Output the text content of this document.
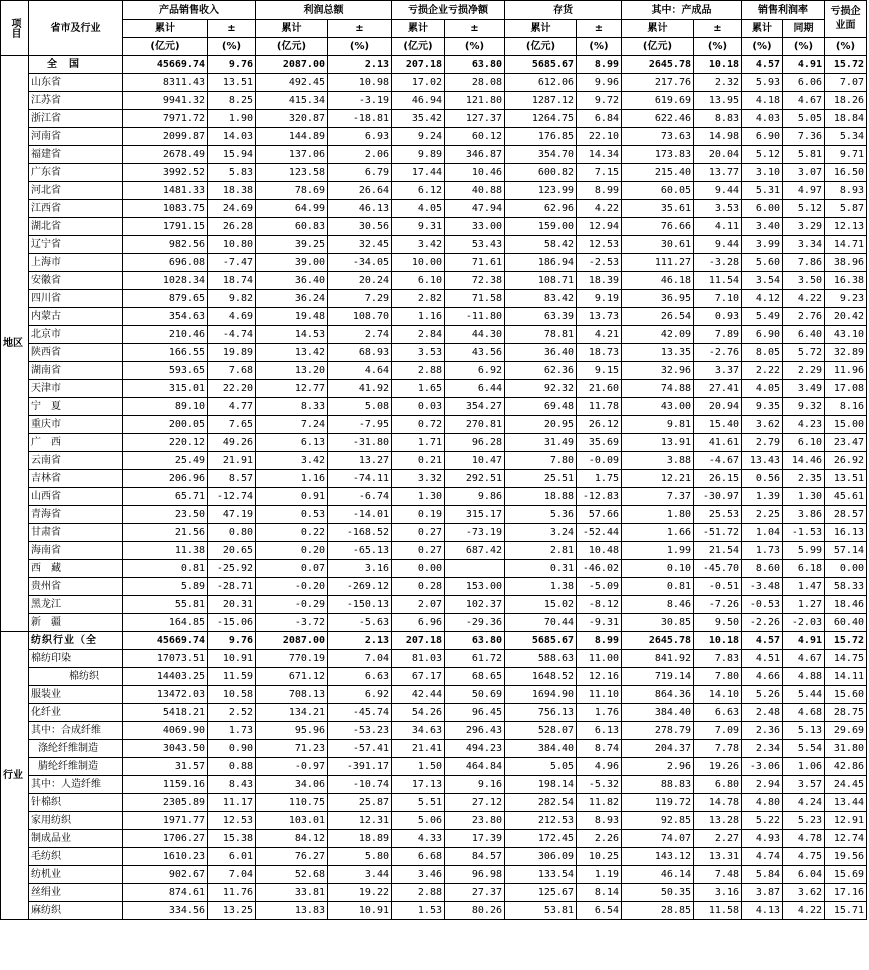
项目	省市及行业	产品销售收入		利润总额		亏损企业亏损净额		存货		其中：产成品		销售利润率		亏损企业面
		累计	±	累计	±	累计	±	累计	±	累计	±	累计	同期	
		(亿元)	(%)	(亿元)	(%)	(亿元)	(%)	(亿元)	(%)	(亿元)	(%)	(%)	(%)	(%)
地区	全　国	45669.74	9.76	2087.00	2.13	207.18	63.80	5685.67	8.99	2645.78	10.18	4.57	4.91	15.72
	山东省	8311.43	13.51	492.45	10.98	17.02	28.08	612.06	9.96	217.76	2.32	5.93	6.06	7.07
	江苏省	9941.32	8.25	415.34	-3.19	46.94	121.80	1287.12	9.72	619.69	13.95	4.18	4.67	18.26
	浙江省	7971.72	1.90	320.87	-18.81	35.42	127.37	1264.75	6.84	622.46	8.83	4.03	5.05	18.84
	河南省	2099.87	14.03	144.89	6.93	9.24	60.12	176.85	22.10	73.63	14.98	6.90	7.36	5.34
	福建省	2678.49	15.94	137.06	2.06	9.89	346.87	354.70	14.34	173.83	20.04	5.12	5.81	9.71
	广东省	3992.52	5.83	123.58	6.79	17.44	10.46	600.82	7.15	215.40	13.77	3.10	3.07	16.50
	河北省	1481.33	18.38	78.69	26.64	6.12	40.88	123.99	8.99	60.05	9.44	5.31	4.97	8.93
	江西省	1083.75	24.69	64.99	46.13	4.05	47.94	62.96	4.22	35.61	3.53	6.00	5.12	5.87
	湖北省	1791.15	26.28	60.83	30.56	9.31	33.00	159.00	12.94	76.66	4.11	3.40	3.29	12.13
	辽宁省	982.56	10.80	39.25	32.45	3.42	53.43	58.42	12.53	30.61	9.44	3.99	3.34	14.71
	上海市	696.08	-7.47	39.00	-34.05	10.00	71.61	186.94	-2.53	111.27	-3.28	5.60	7.86	38.96
	安徽省	1028.34	18.74	36.40	20.24	6.10	72.38	108.71	18.39	46.18	11.54	3.54	3.50	16.38
	四川省	879.65	9.82	36.24	7.29	2.82	71.58	83.42	9.19	36.95	7.10	4.12	4.22	9.23
	内蒙古	354.63	4.69	19.48	108.70	1.16	-11.80	63.39	13.73	26.54	0.93	5.49	2.76	20.42
	北京市	210.46	-4.74	14.53	2.74	2.84	44.30	78.81	4.21	42.09	7.89	6.90	6.40	43.10
	陕西省	166.55	19.89	13.42	68.93	3.53	43.56	36.40	18.73	13.35	-2.76	8.05	5.72	32.89
	湖南省	593.65	7.68	13.20	4.64	2.88	6.92	62.36	9.15	32.96	3.37	2.22	2.29	11.96
	天津市	315.01	22.20	12.77	41.92	1.65	6.44	92.32	21.60	74.88	27.41	4.05	3.49	17.08
	宁　夏	89.10	4.77	8.33	5.08	0.03	354.27	69.48	11.78	43.00	20.94	9.35	9.32	8.16
	重庆市	200.05	7.65	7.24	-7.95	0.72	270.81	20.95	26.12	9.81	15.40	3.62	4.23	15.00
	广　西	220.12	49.26	6.13	-31.80	1.71	96.28	31.49	35.69	13.91	41.61	2.79	6.10	23.47
	云南省	25.49	21.91	3.42	13.27	0.21	10.47	7.80	-0.09	3.88	-4.67	13.43	14.46	26.92
	吉林省	206.96	8.57	1.16	-74.11	3.32	292.51	25.51	1.75	12.21	26.15	0.56	2.35	13.51
	山西省	65.71	-12.74	0.91	-6.74	1.30	9.86	18.88	-12.83	7.37	-30.97	1.39	1.30	45.61
	青海省	23.50	47.19	0.53	-14.01	0.19	315.17	5.36	57.66	1.80	25.53	2.25	3.86	28.57
	甘肃省	21.56	0.80	0.22	-168.52	0.27	-73.19	3.24	-52.44	1.66	-51.72	1.04	-1.53	16.13
	海南省	11.38	20.65	0.20	-65.13	0.27	687.42	2.81	10.48	1.99	21.54	1.73	5.99	57.14
	西　藏	0.81	-25.92	0.07	3.16	0.00		0.31	-46.02	0.10	-45.70	8.60	6.18	0.00
	贵州省	5.89	-28.71	-0.20	-269.12	0.28	153.00	1.38	-5.09	0.81	-0.51	-3.48	1.47	58.33
	黑龙江	55.81	20.31	-0.29	-150.13	2.07	102.37	15.02	-8.12	8.46	-7.26	-0.53	1.27	18.46
	新　疆	164.85	-15.06	-3.72	-5.63	6.96	-29.36	70.44	-9.31	30.85	9.50	-2.26	-2.03	60.40
行业	纺织行业（全	45669.74	9.76	2087.00	2.13	207.18	63.80	5685.67	8.99	2645.78	10.18	4.57	4.91	15.72
	棉纺印染	17073.51	10.91	770.19	7.04	81.03	61.72	588.63	11.00	841.92	7.83	4.51	4.67	14.75
	棉纺织	14403.25	11.59	671.12	6.63	67.17	68.65	1648.52	12.16	719.14	7.80	4.66	4.88	14.11
	服装业	13472.03	10.58	708.13	6.92	42.44	50.69	1694.90	11.10	864.36	14.10	5.26	5.44	15.60
	化纤业	5418.21	2.52	134.21	-45.74	54.26	96.45	756.13	1.76	384.40	6.63	2.48	4.68	28.75
	其中：合成纤维	4069.90	1.73	95.96	-53.23	34.63	296.43	528.07	6.13	278.79	7.09	2.36	5.13	29.69
	涤纶纤维制造	3043.50	0.90	71.23	-57.41	21.41	494.23	384.40	8.74	204.37	7.78	2.34	5.54	31.80
	腈纶纤维制造	31.57	0.88	-0.97	-391.17	1.50	464.84	5.05	4.96	2.96	19.26	-3.06	1.06	42.86
	其中：人造纤维	1159.16	8.43	34.06	-10.74	17.13	9.16	198.14	-5.32	88.83	6.80	2.94	3.57	24.45
	针棉织	2305.89	11.17	110.75	25.87	5.51	27.12	282.54	11.82	119.72	14.78	4.80	4.24	13.44
	家用纺织	1971.77	12.53	103.01	12.31	5.06	23.80	212.53	8.93	92.85	13.28	5.22	5.23	12.91
	制成品业	1706.27	15.38	84.12	18.89	4.33	17.39	172.45	2.26	74.07	2.27	4.93	4.78	12.74
	毛纺织	1610.23	6.01	76.27	5.80	6.68	84.57	306.09	10.25	143.12	13.31	4.74	4.75	19.56
	纺机业	902.67	7.04	52.68	3.44	3.46	96.98	133.54	1.19	46.14	7.48	5.84	6.04	15.69
	丝绢业	874.61	11.76	33.81	19.22	2.88	27.37	125.67	8.14	50.35	3.16	3.87	3.62	17.16
	麻纺织	334.56	13.25	13.83	10.91	1.53	80.26	53.81	6.54	28.85	11.58	4.13	4.22	15.71
